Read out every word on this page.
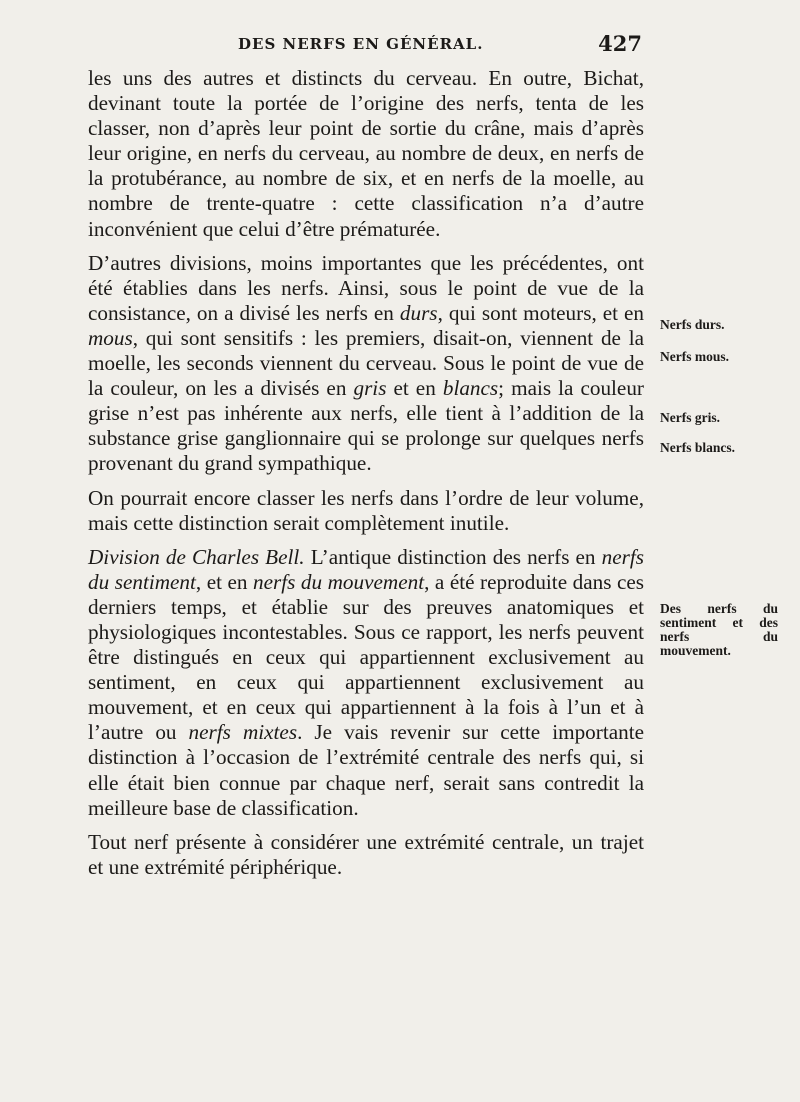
DES NERFS EN GÉNÉRAL.	427

les uns des autres et distincts du cerveau. En outre, Bichat, devinant toute la portée de l’origine des nerfs, tenta de les classer, non d’après leur point de sortie du crâne, mais d’après leur origine, en nerfs du cerveau, au nombre de deux, en nerfs de la protubérance, au nombre de six, et en nerfs de la moelle, au nombre de trente-quatre : cette classification n’a d’autre inconvénient que celui d’être prématurée.

D’autres divisions, moins importantes que les précédentes, ont été établies dans les nerfs. Ainsi, sous le point de vue de la consistance, on a divisé les nerfs en durs, qui sont moteurs, et en mous, qui sont sensitifs : les premiers, disait-on, viennent de la moelle, les seconds viennent du cerveau. Sous le point de vue de la couleur, on les a divisés en gris et en blancs; mais la couleur grise n’est pas inhérente aux nerfs, elle tient à l’addition de la substance grise ganglionnaire qui se prolonge sur quelques nerfs provenant du grand sympathique.

On pourrait encore classer les nerfs dans l’ordre de leur volume, mais cette distinction serait complètement inutile.

Division de Charles Bell. L’antique distinction des nerfs en nerfs du sentiment, et en nerfs du mouvement, a été reproduite dans ces derniers temps, et établie sur des preuves anatomiques et physiologiques incontestables. Sous ce rapport, les nerfs peuvent être distingués en ceux qui appartiennent exclusivement au sentiment, en ceux qui appartiennent exclusivement au mouvement, et en ceux qui appartiennent à la fois à l’un et à l’autre ou nerfs mixtes. Je vais revenir sur cette importante distinction à l’occasion de l’extrémité centrale des nerfs qui, si elle était bien connue par chaque nerf, serait sans contredit la meilleure base de classification.

Tout nerf présente à considérer une extrémité centrale, un trajet et une extrémité périphérique.

Nerfs durs.
Nerfs mous.
Nerfs gris.
Nerfs blancs.
Des nerfs du sentiment et des nerfs du mouvement.
